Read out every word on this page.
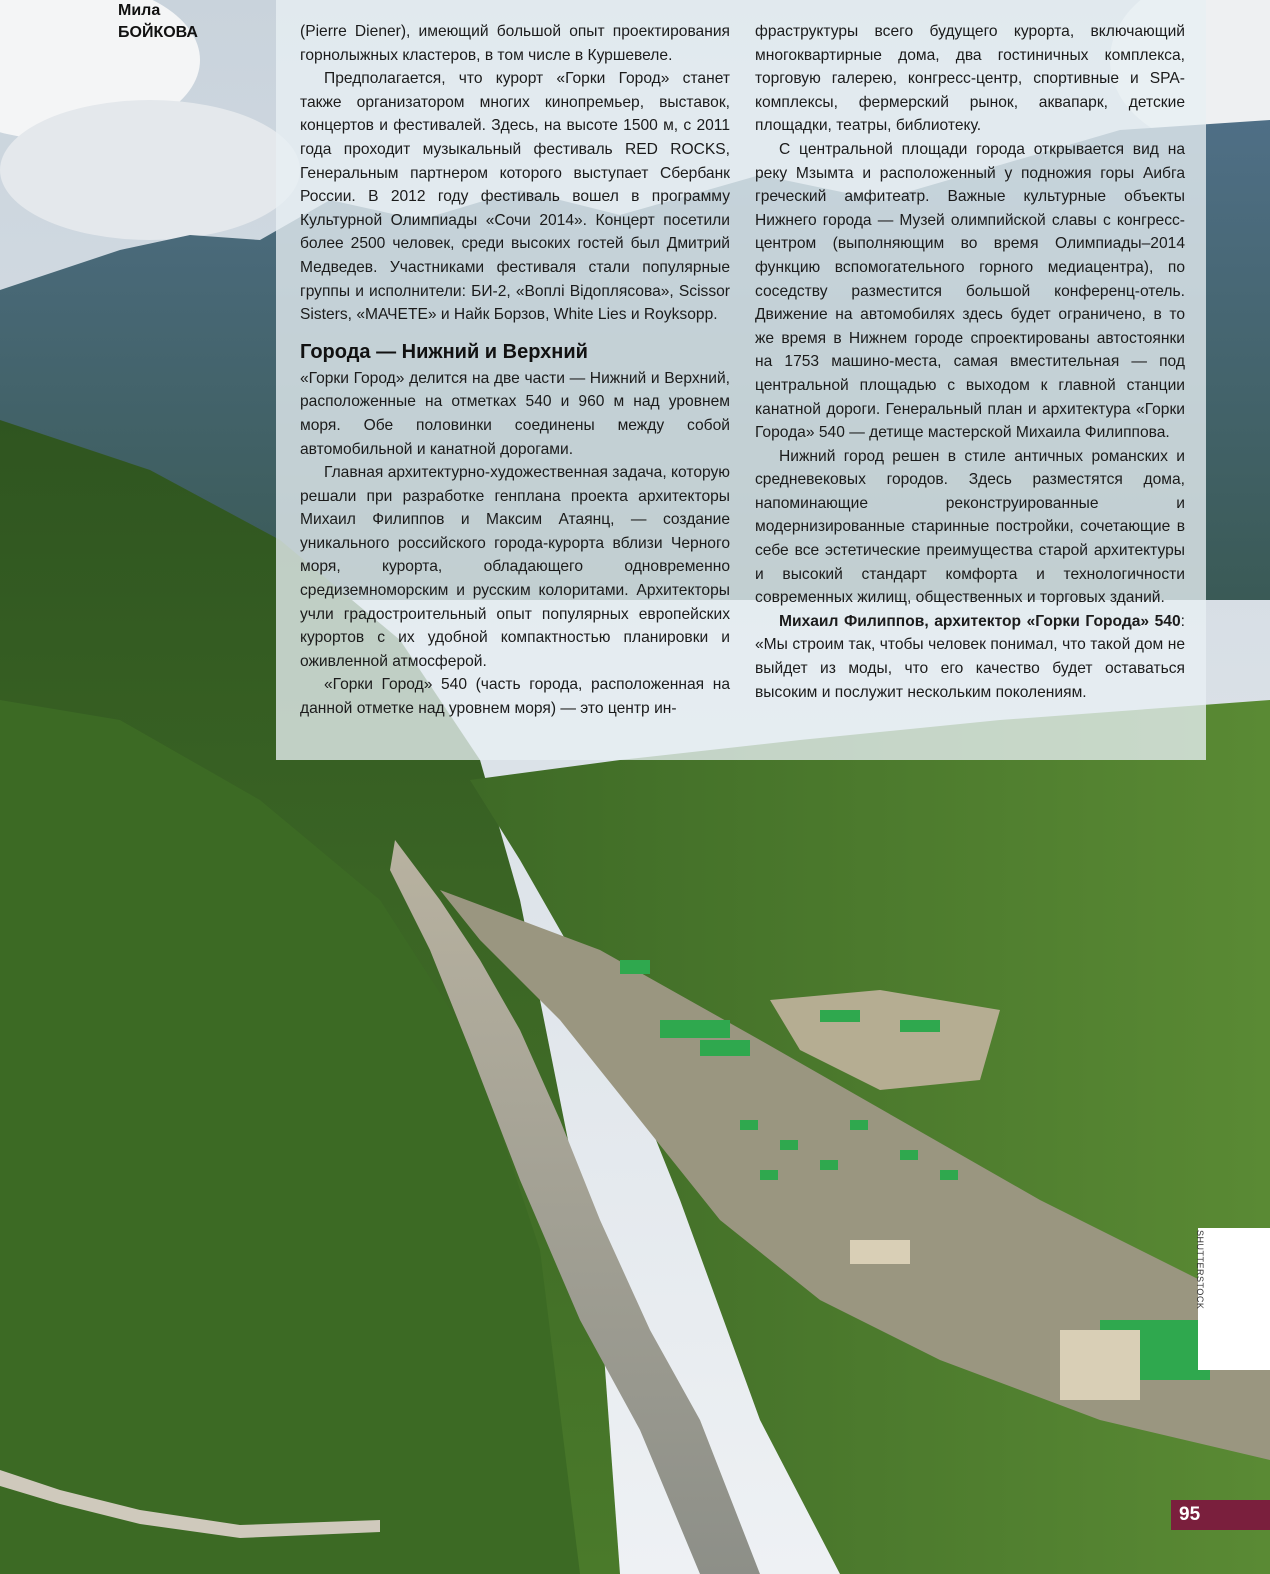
Мила
БОЙКОВА	(Pierre Diener), имеющий большой опыт проектирования горнолыжных кластеров, в том числе в Куршевеле.

Предполагается, что курорт «Горки Город» станет также организатором многих кинопремьер, выставок, концертов и фестивалей. Здесь, на высоте 1500 м, с 2011 года проходит музыкальный фестиваль RED ROCKS, Генеральным партнером которого выступает Сбербанк России. В 2012 году фестиваль вошел в программу Культурной Олимпиады «Сочи 2014». Концерт посетили более 2500 человек, среди высоких гостей был Дмитрий Медведев. Участниками фестиваля стали популярные группы и исполнители: БИ-2, «Воплі Відоплясова», Scissor Sisters, «МАЧЕТЕ» и Найк Борзов, White Lies и Royksopp.

Города — Нижний и Верхний

«Горки Город» делится на две части — Нижний и Верхний, расположенные на отметках 540 и 960 м над уровнем моря. Обе половинки соединены между собой автомобильной и канатной дорогами.

Главная архитектурно-художественная задача, которую решали при разработке генплана проекта архитекторы Михаил Филиппов и Максим Атаянц, — создание уникального российского города-курорта вблизи Черного моря, курорта, обладающего одновременно средиземноморским и русским колоритами. Архитекторы учли градостроительный опыт популярных европейских курортов с их удобной компактностью планировки и оживленной атмосферой.

«Горки Город» 540 (часть города, расположенная на данной отметке над уровнем моря) — это центр ин-

фраструктуры всего будущего курорта, включающий многоквартирные дома, два гостиничных комплекса, торговую галерею, конгресс-центр, спортивные и SPA-комплексы, фермерский рынок, аквапарк, детские площадки, театры, библиотеку.

С центральной площади города открывается вид на реку Мзымта и расположенный у подножия горы Аибга греческий амфитеатр. Важные культурные объекты Нижнего города — Музей олимпийской славы с конгресс-центром (выполняющим во время Олимпиады–2014 функцию вспомогательного горного медиацентра), по соседству разместится большой конференц-отель. Движение на автомобилях здесь будет ограничено, в то же время в Нижнем городе спроектированы автостоянки на 1753 машино-места, самая вместительная — под центральной площадью с выходом к главной станции канатной дороги. Генеральный план и архитектура «Горки Города» 540 — детище мастерской Михаила Филиппова.

Нижний город решен в стиле античных романских и средневековых городов. Здесь разместятся дома, напоминающие реконструированные и модернизированные старинные постройки, сочетающие в себе все эстетические преимущества старой архитектуры и высокий стандарт комфорта и технологичности современных жилищ, общественных и торговых зданий.

Михаил Филиппов, архитектор «Горки Города» 540: «Мы строим так, чтобы человек понимал, что такой дом не выйдет из моды, что его качество будет оставаться высоким и послужит нескольким поколениям.

SHUTTERSTOCK
95
